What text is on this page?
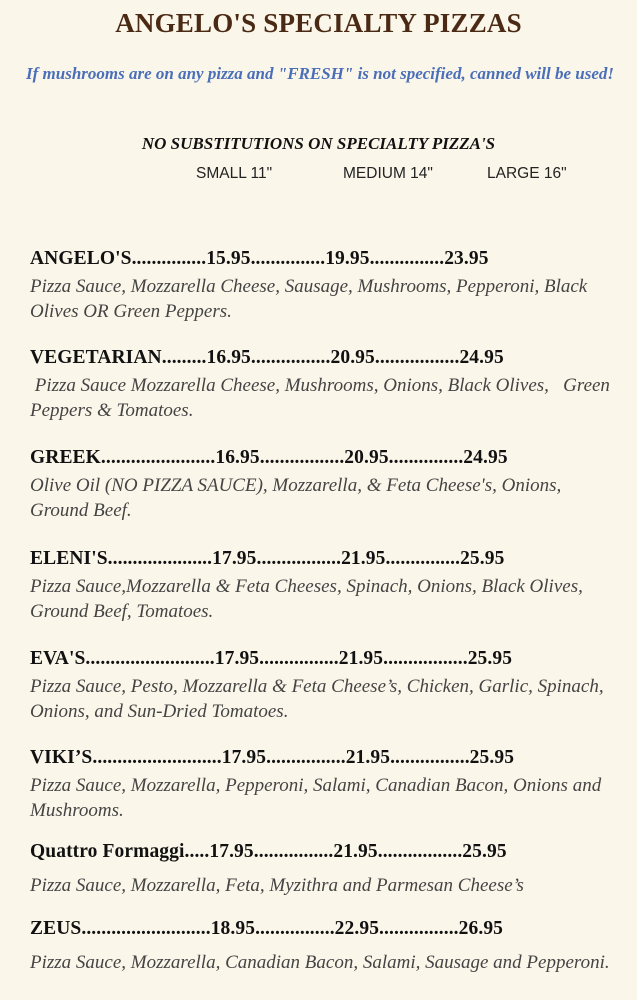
ANGELO'S SPECIALTY PIZZAS
If mushrooms are on any pizza and "FRESH" is not specified, canned will be used!
NO SUBSTITUTIONS ON SPECIALTY PIZZA'S
SMALL 11"	MEDIUM 14"	LARGE 16"
ANGELO'S...............15.95...............19.95...............23.95
Pizza Sauce, Mozzarella Cheese, Sausage, Mushrooms, Pepperoni, Black Olives OR Green Peppers.
VEGETARIAN.........16.95................20.95.................24.95
Pizza Sauce Mozzarella Cheese, Mushrooms, Onions, Black Olives,   Green Peppers & Tomatoes.
GREEK.......................16.95.................20.95...............24.95
Olive Oil (NO PIZZA SAUCE), Mozzarella, & Feta Cheese's, Onions, Ground Beef.
ELENI'S.....................17.95.................21.95...............25.95
Pizza Sauce,Mozzarella & Feta Cheeses, Spinach, Onions, Black Olives, Ground Beef, Tomatoes.
EVA'S..........................17.95................21.95.................25.95
Pizza Sauce, Pesto, Mozzarella & Feta Cheese’s, Chicken, Garlic, Spinach, Onions, and Sun-Dried Tomatoes.
VIKI’S..........................17.95................21.95................25.95
Pizza Sauce, Mozzarella, Pepperoni, Salami, Canadian Bacon, Onions and Mushrooms.
Quattro Formaggi.....17.95................21.95.................25.95
Pizza Sauce, Mozzarella, Feta, Myzithra and Parmesan Cheese’s
ZEUS..........................18.95................22.95................26.95
Pizza Sauce, Mozzarella, Canadian Bacon, Salami, Sausage and Pepperoni.
